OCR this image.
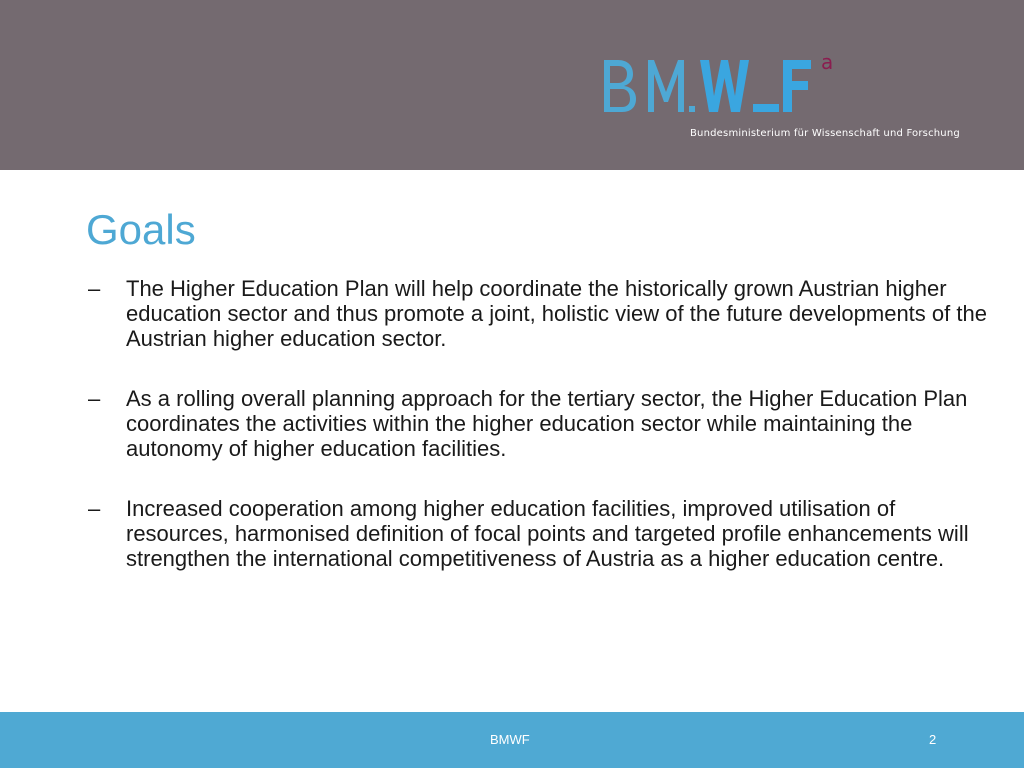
a
Bundesministerium für Wissenschaft und Forschung
Goals
–	The Higher Education Plan will help coordinate the historically grown Austrian higher education sector and thus promote a joint, holistic view of the future developments of the Austrian higher education sector.
–	As a rolling overall planning approach for the tertiary sector, the Higher Education Plan coordinates the activities within the higher education sector while maintaining the autonomy of higher education facilities.
–	Increased cooperation among higher education facilities, improved utilisation of resources, harmonised definition of focal points and targeted profile enhancements will strengthen the international competitiveness of Austria as a higher education centre.
BMWF	2
